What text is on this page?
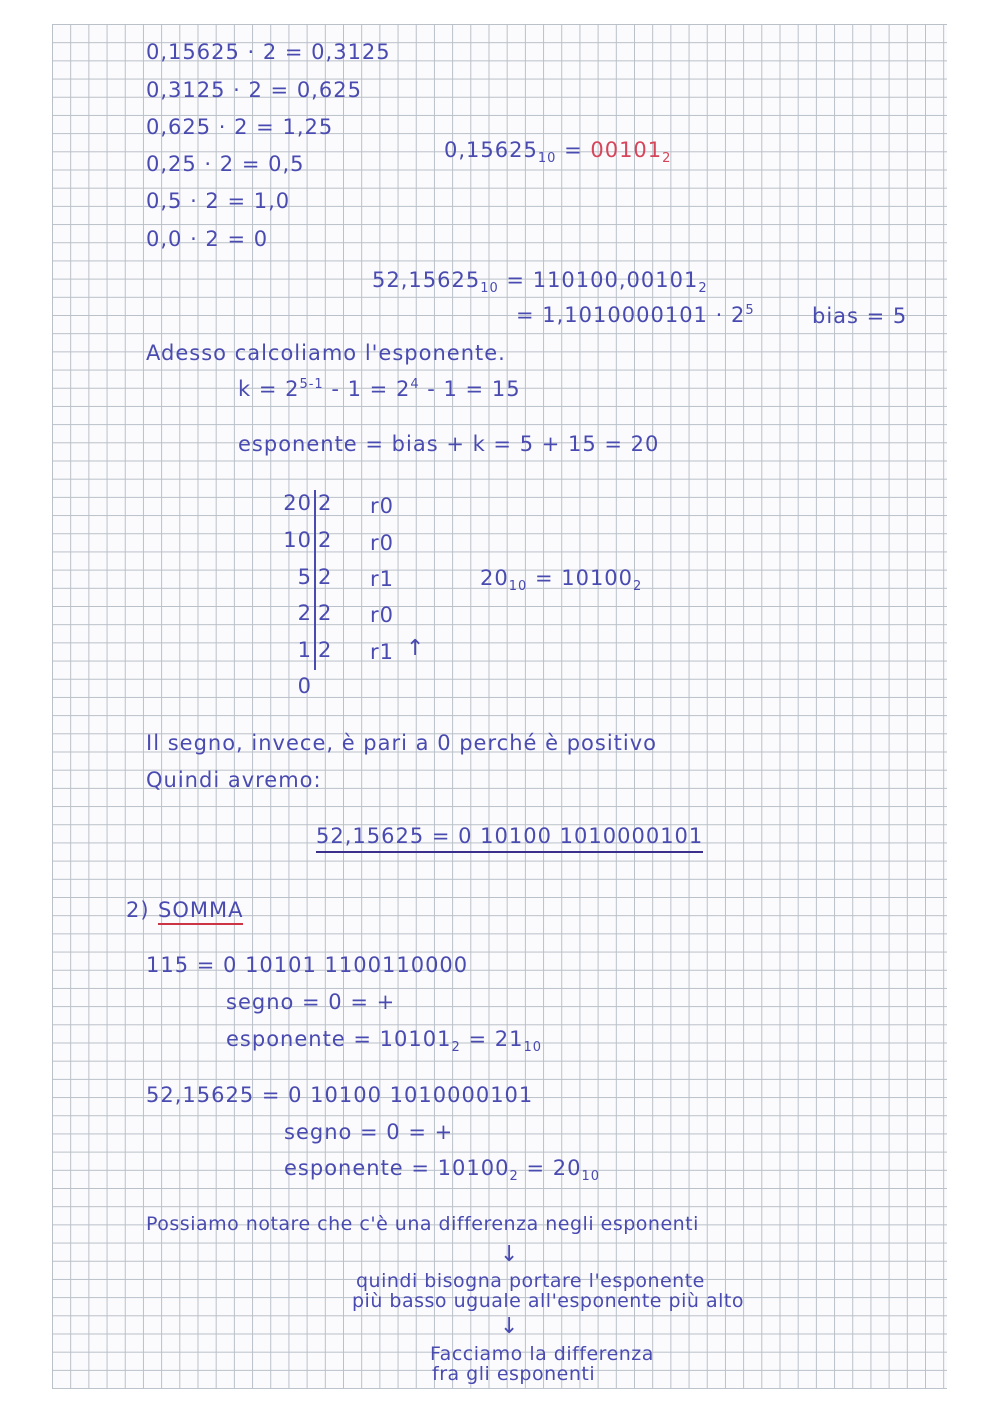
0,15625 · 2 = 0,3125
0,3125 · 2 = 0,625
0,625 · 2 = 1,25
0,25 · 2 = 0,5
0,5 · 2 = 1,0
0,0 · 2 = 0
$0,15625_{10} = 00101_2$
$52,15625_{10} = 110100,00101_2$
= $1,1010000101 \cdot 2^5$	bias = 5
Adesso calcoliamo l'esponente.
$k = 2^{5-1} - 1 = 2^4 - 1 = 15$
esponente = bias + k = 5 + 15 = 20
20
10
5
2
1
0
2
2
2
2
2
r0
r0
r1
r0
r1 ↑
$20_{10} = 10100_2$
Il segno, invece, è pari a 0 perché è positivo
Quindi avremo:
52,15625 = 0 10100 1010000101
2) SOMMA
115 = 0 10101 1100110000
segno = 0 = +
esponente = $10101_2 = 21_{10}$
52,15625 = 0 10100 1010000101
segno = 0 = +
esponente = $10100_2 = 20_{10}$
Possiamo notare che c'è una differenza negli esponenti
↓
quindi bisogna portare l'esponente
più basso uguale all'esponente più alto
↓
Facciamo la differenza
fra gli esponenti
